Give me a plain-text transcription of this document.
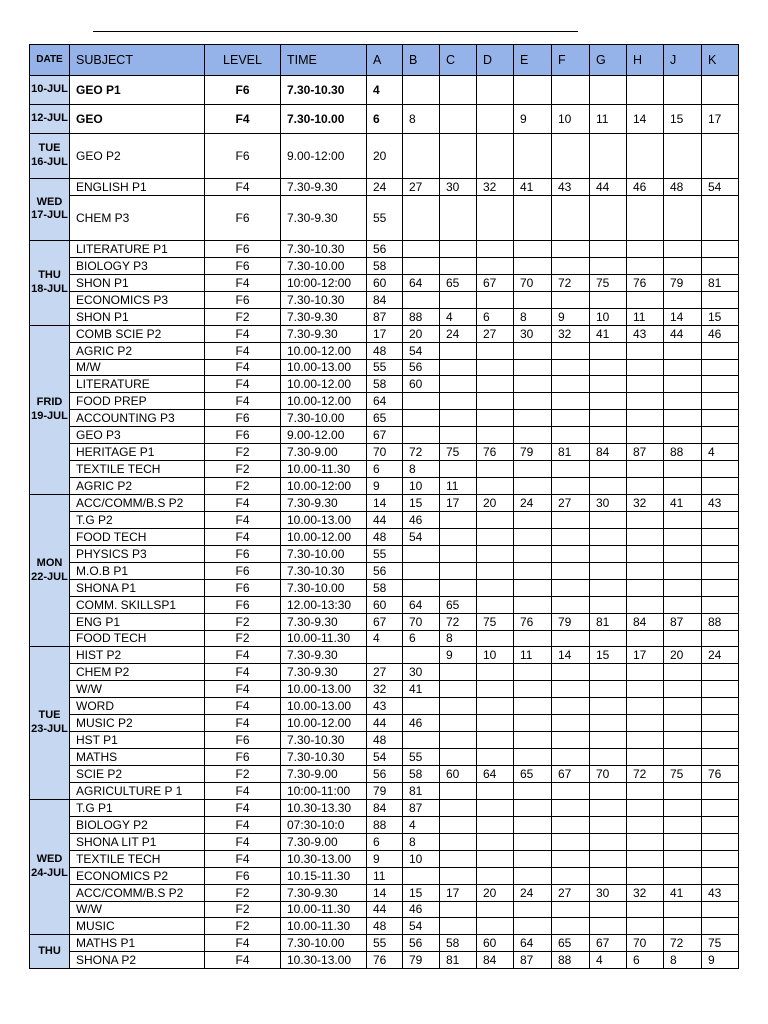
DATE	SUBJECT	LEVEL	TIME	A	B	C	D	E	F	G	H	J	K
10-JUL	GEO P1	F6	7.30-10.30	4									
12-JUL	GEO	F4	7.30-10.00	6	8			9	10	11	14	15	17
TUE 16-JUL	GEO P2	F6	9.00-12:00	20									
WED 17-JUL	ENGLISH P1	F4	7.30-9.30	24	27	30	32	41	43	44	46	48	54
	CHEM P3	F6	7.30-9.30	55									
THU 18-JUL	LITERATURE P1	F6	7.30-10.30	56									
	BIOLOGY P3	F6	7.30-10.00	58									
	SHON P1	F4	10:00-12:00	60	64	65	67	70	72	75	76	79	81
	ECONOMICS P3	F6	7.30-10.30	84									
	SHON P1	F2	7.30-9.30	87	88	4	6	8	9	10	11	14	15
FRID 19-JUL	COMB SCIE P2	F4	7.30-9.30	17	20	24	27	30	32	41	43	44	46
	AGRIC P2	F4	10.00-12.00	48	54								
	M/W	F4	10.00-13.00	55	56								
	LITERATURE	F4	10.00-12.00	58	60								
	FOOD PREP	F4	10.00-12.00	64									
	ACCOUNTING P3	F6	7.30-10.00	65									
	GEO P3	F6	9.00-12.00	67									
	HERITAGE P1	F2	7.30-9.00	70	72	75	76	79	81	84	87	88	4
	TEXTILE TECH	F2	10.00-11.30	6	8								
	AGRIC P2	F2	10.00-12:00	9	10	11							
MON 22-JUL	ACC/COMM/B.S P2	F4	7.30-9.30	14	15	17	20	24	27	30	32	41	43
	T.G P2	F4	10.00-13.00	44	46								
	FOOD TECH	F4	10.00-12.00	48	54								
	PHYSICS P3	F6	7.30-10.00	55									
	M.O.B P1	F6	7.30-10.30	56									
	SHONA P1	F6	7.30-10.00	58									
	COMM. SKILLSP1	F6	12.00-13:30	60	64	65							
	ENG P1	F2	7.30-9.30	67	70	72	75	76	79	81	84	87	88
	FOOD TECH	F2	10.00-11.30	4	6	8							
TUE 23-JUL	HIST P2	F4	7.30-9.30			9	10	11	14	15	17	20	24
	CHEM P2	F4	7.30-9.30	27	30								
	W/W	F4	10.00-13.00	32	41								
	WORD	F4	10.00-13.00	43									
	MUSIC P2	F4	10.00-12.00	44	46								
	HST P1	F6	7.30-10.30	48									
	MATHS	F6	7.30-10.30	54	55								
	SCIE P2	F2	7.30-9.00	56	58	60	64	65	67	70	72	75	76
	AGRICULTURE P 1	F4	10:00-11:00	79	81								
WED 24-JUL	T.G P1	F4	10.30-13.30	84	87								
	BIOLOGY P2	F4	07:30-10:0	88	4								
	SHONA LIT P1	F4	7.30-9.00	6	8								
	TEXTILE TECH	F4	10.30-13.00	9	10								
	ECONOMICS P2	F6	10.15-11.30	11									
	ACC/COMM/B.S P2	F2	7.30-9.30	14	15	17	20	24	27	30	32	41	43
	W/W	F2	10.00-11.30	44	46								
	MUSIC	F2	10.00-11.30	48	54								
THU	MATHS P1	F4	7.30-10.00	55	56	58	60	64	65	67	70	72	75
	SHONA P2	F4	10.30-13.00	76	79	81	84	87	88	4	6	8	9
